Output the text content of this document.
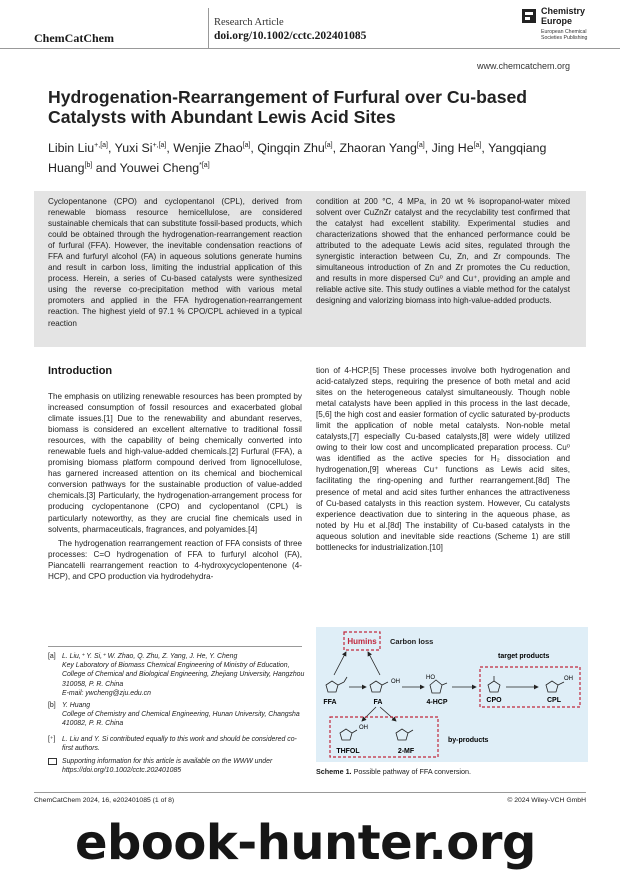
ChemCatChem
Research Article
doi.org/10.1002/cctc.202401085
Chemistry
Europe
European Chemical
Societies Publishing
www.chemcatchem.org
Hydrogenation-Rearrangement of Furfural over Cu-based Catalysts with Abundant Lewis Acid Sites
Libin Liu$^{+,[a]}$, Yuxi $Si^{+,[a]}$, Wenjie Zhao[a], Qingqin Zhu[a], Zhaoran Yang[a], Jing He[a], Yangqiang Huang[b] and Youwei Cheng$^{*[a]}$
Cyclopentanone (CPO) and cyclopentanol (CPL), derived from renewable biomass resource hemicellulose, are considered sustainable chemicals that can substitute fossil-based products, which could be obtained through the hydrogenation-rearrangement reaction of furfural (FFA). However, the inevitable condensation reactions of FFA and furfuryl alcohol (FA) in aqueous solutions generate humins and result in carbon loss, limiting the industrial application of this process. Herein, a series of Cu-based catalysts were synthesized using the reverse co-precipitation method with various metal promoters and applied in the FFA hydrogenation-rearrangement reaction. The highest yield of 97.1 % CPO/CPL achieved in a typical reaction
condition at 200 °C, 4 MPa, in 20 wt % isopropanol-water mixed solvent over CuZnZr catalyst and the recyclability test confirmed that the catalyst had excellent stability. Experimental studies and characterizations showed that the enhanced performance could be attributed to the adequate Lewis acid sites, regulated through the synergistic interaction between Cu, Zn, and Zr compounds. The simultaneous introduction of Zn and Zr promotes the Cu reduction, and results in more dispersed Cu⁰ and Cu⁺, providing an ample and reliable active site. This study outlines a viable method for the catalyst designing and valorizing biomass into high-value-added products.
Introduction

The emphasis on utilizing renewable resources has been prompted by increased consumption of fossil resources and exacerbated global climate issues.[1] Due to the renewability and abundant reserves, biomass is considered an excellent alternative to traditional fossil resources, with the capability of being chemically converted into renewable fuels and high-value-added chemicals.[2] Furfural (FFA), a promising biomass platform compound derived from lignocellulose, has garnered increased attention on its chemical and biochemical conversion pathways for the sustainable production of value-added chemicals.[3] Particularly, the hydrogenation-arrangement process for producing cyclopentanone (CPO) and cyclopentanol (CPL) is particularly noteworthy, as they are crucial fine chemicals used in solvents, pharmaceuticals, fragrances, and polyamides.[4]

The hydrogenation rearrangement reaction of FFA consists of three processes: C=O hydrogenation of FFA to furfuryl alcohol (FA), Piancatelli rearrangement reaction to 4-hydroxycyclopentenone (4-HCP), and CPO production via hydrodehydra-

tion of 4-HCP.[5] These processes involve both hydrogenation and acid-catalyzed steps, requiring the presence of both metal and acid sites on the heterogeneous catalyst simultaneously. Though noble metal catalysts have been applied in this process in the last decade,[5,6] the high cost and easier formation of cyclic saturated by-products limit the application of noble metal catalysts. Non-noble metal catalysts,[7] especially Cu-based catalysts,[8] were widely utilized owing to their low cost and uncomplicated preparation process. Cu⁰ was identified as the active species for H₂ dissociation and hydrogenation,[9] whereas Cu⁺ functions as Lewis acid sites, facilitating the ring-opening and further rearrangement.[8d] The presence of metal and acid sites further enhances the attractiveness of Cu-based catalysts in this reaction system. However, Cu catalysts experience deactivation due to sintering in the aqueous phase, as noted by Hu et al.[8d] The instability of Cu-based catalysts in the aqueous solution and inevitable side reactions (Scheme 1) are still bottlenecks for industrialization.[10]

[a] L. Liu,⁺ Y. Si,⁺ W. Zhao, Q. Zhu, Z. Yang, J. He, Y. Cheng
Key Laboratory of Biomass Chemical Engineering of Ministry of Education, College of Chemical and Biological Engineering, Zhejiang University, Hangzhou 310058, P. R. China
E-mail: ywcheng@zju.edu.cn
[b] Y. Huang
College of Chemistry and Chemical Engineering, Hunan University, Changsha 410082, P. R. China
[⁺] L. Liu and Y. Si contributed equally to this work and should be considered co-first authors.
Supporting information for this article is available on the WWW under https://doi.org/10.1002/cctc.202401085
Humins Carbon loss
FFA
OH
FA
HO
4-HCP
target products
CPO
OH
CPL
OH
THFOL	2-MF
by-products
Scheme 1. Possible pathway of FFA conversion.
ChemCatChem 2024, 16, e202401085 (1 of 8)	© 2024 Wiley-VCH GmbH
ebook-hunter.org
